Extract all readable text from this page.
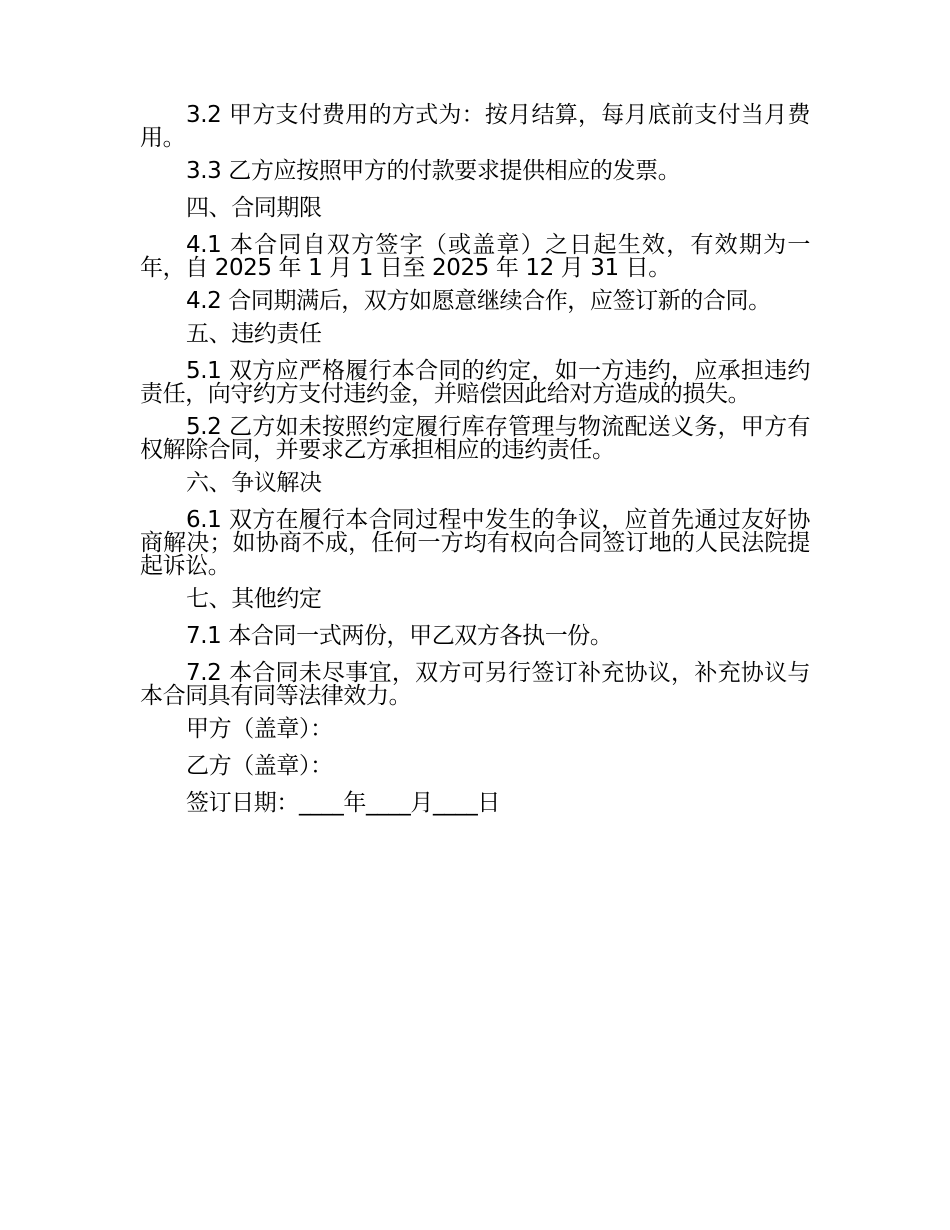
3.2 甲方支付费用的方式为：按月结算，每月底前支付当月费用。

3.3 乙方应按照甲方的付款要求提供相应的发票。

四、合同期限

4.1 本合同自双方签字（或盖章）之日起生效，有效期为一年，自 2025 年 1 月 1 日至 2025 年 12 月 31 日。

4.2 合同期满后，双方如愿意继续合作，应签订新的合同。

五、违约责任

5.1 双方应严格履行本合同的约定，如一方违约，应承担违约责任，向守约方支付违约金，并赔偿因此给对方造成的损失。

5.2 乙方如未按照约定履行库存管理与物流配送义务，甲方有权解除合同，并要求乙方承担相应的违约责任。

六、争议解决

6.1 双方在履行本合同过程中发生的争议，应首先通过友好协商解决；如协商不成，任何一方均有权向合同签订地的人民法院提起诉讼。

七、其他约定

7.1 本合同一式两份，甲乙双方各执一份。

7.2 本合同未尽事宜，双方可另行签订补充协议，补充协议与本合同具有同等法律效力。

甲方（盖章）：

乙方（盖章）：

签订日期：____年____月____日
